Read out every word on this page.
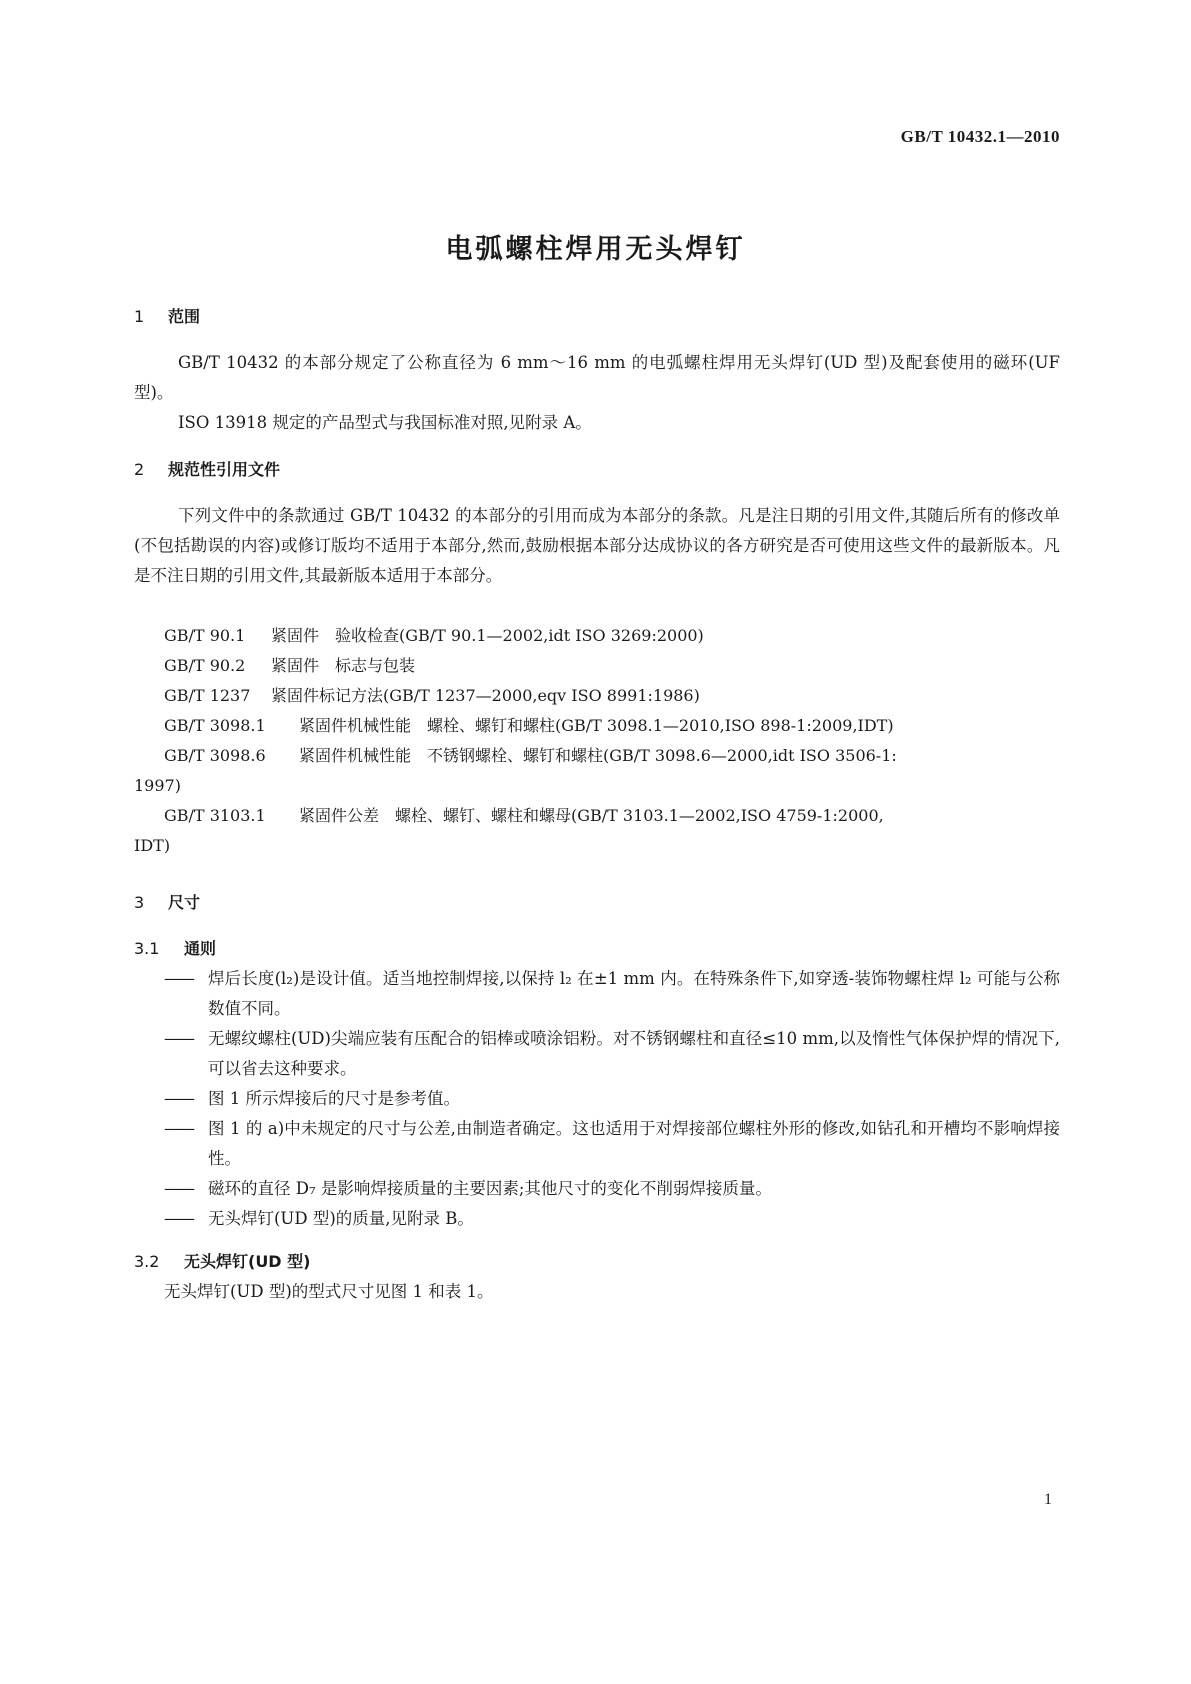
GB/T 10432.1—2010
电弧螺柱焊用无头焊钉
1 范围
GB/T 10432 的本部分规定了公称直径为 6 mm～16 mm 的电弧螺柱焊用无头焊钉(UD 型)及配套使用的磁环(UF 型)。
ISO 13918 规定的产品型式与我国标准对照,见附录 A。
2 规范性引用文件
下列文件中的条款通过 GB/T 10432 的本部分的引用而成为本部分的条款。凡是注日期的引用文件,其随后所有的修改单(不包括勘误的内容)或修订版均不适用于本部分,然而,鼓励根据本部分达成协议的各方研究是否可使用这些文件的最新版本。凡是不注日期的引用文件,其最新版本适用于本部分。
GB/T 90.1 紧固件　验收检查(GB/T 90.1—2002,idt ISO 3269:2000)
GB/T 90.2 紧固件　标志与包装
GB/T 1237 紧固件标记方法(GB/T 1237—2000,eqv ISO 8991:1986)
GB/T 3098.1 紧固件机械性能　螺栓、螺钉和螺柱(GB/T 3098.1—2010,ISO 898-1:2009,IDT)
GB/T 3098.6 紧固件机械性能　不锈钢螺栓、螺钉和螺柱(GB/T 3098.6—2000,idt ISO 3506-1:
1997)
GB/T 3103.1 紧固件公差　螺栓、螺钉、螺柱和螺母(GB/T 3103.1—2002,ISO 4759-1:2000,
IDT)
3 尺寸
3.1 通则
—— 焊后长度(l₂)是设计值。适当地控制焊接,以保持 l₂ 在±1 mm 内。在特殊条件下,如穿透-装饰物螺柱焊 l₂ 可能与公称数值不同。
—— 无螺纹螺柱(UD)尖端应装有压配合的铝棒或喷涂铝粉。对不锈钢螺柱和直径≤10 mm,以及惰性气体保护焊的情况下,可以省去这种要求。
—— 图 1 所示焊接后的尺寸是参考值。
—— 图 1 的 a)中未规定的尺寸与公差,由制造者确定。这也适用于对焊接部位螺柱外形的修改,如钻孔和开槽均不影响焊接性。
—— 磁环的直径 D₇ 是影响焊接质量的主要因素;其他尺寸的变化不削弱焊接质量。
—— 无头焊钉(UD 型)的质量,见附录 B。
3.2 无头焊钉(UD 型)
无头焊钉(UD 型)的型式尺寸见图 1 和表 1。
1
